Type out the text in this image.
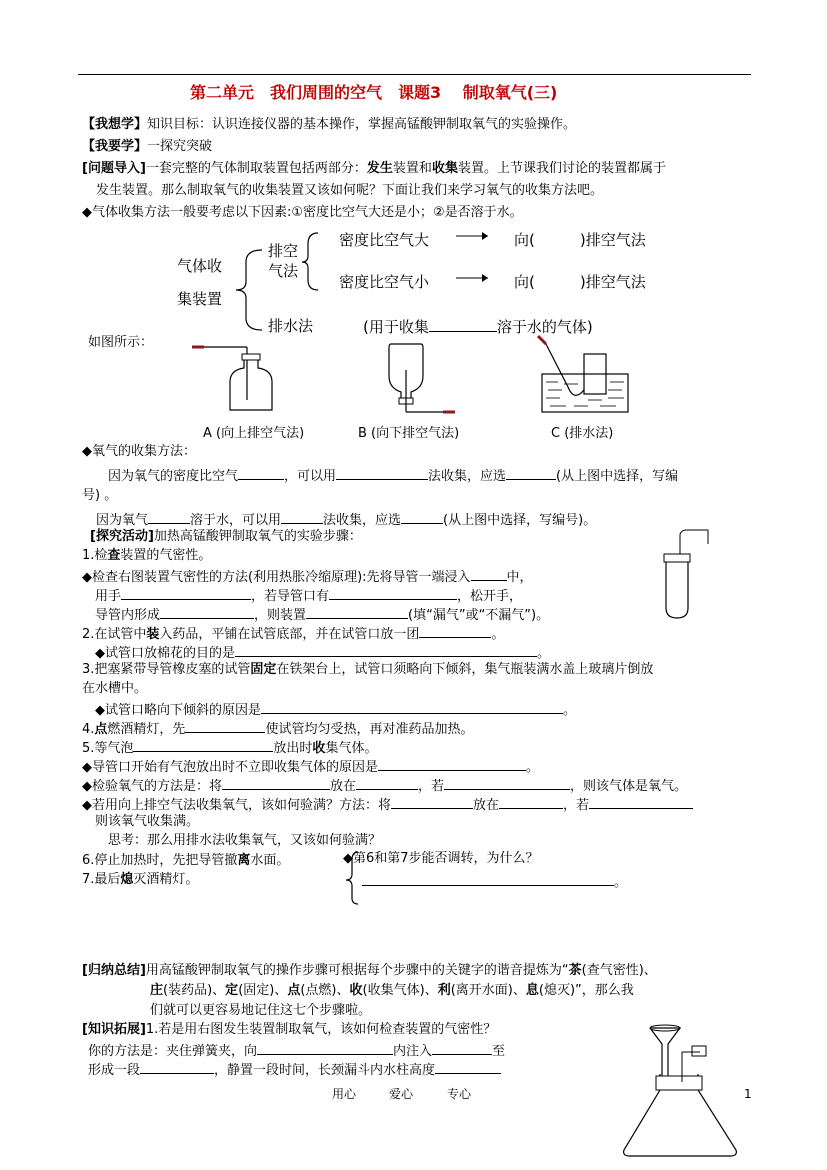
第二单元　我们周围的空气　课题3　 制取氧气(三)
【我想学】知识目标：认识连接仪器的基本操作，掌握高锰酸钾制取氧气的实验操作。
【我要学】一探究突破
[问题导入]一套完整的气体制取装置包括两部分：发生装置和收集装置。上节课我们讨论的装置都属于
发生装置。那么制取氧气的收集装置又该如何呢？下面让我们来学习氧气的收集方法吧。
◆气体收集方法一般要考虑以下因素:①密度比空气大还是小；②是否溶于水。
气体收
集装置
排空
气法
密度比空气大
密度比空气小
向(　　　)排空气法
向(　　　)排空气法
排水法	(用于收集	溶于水的气体)
如图所示：
A (向上排空气法)	B (向下排空气法)	C (排水法)
◆氧气的收集方法：
因为氧气的密度比空气	，可以用	法收集，应选	(从上图中选择，写编
号) 。
因为氧气	溶于水，可以用	法收集，应选	(从上图中选择，写编号)。
[探究活动]加热高锰酸钾制取氧气的实验步骤：
1.检查装置的气密性。
◆检查右图装置气密性的方法(利用热胀冷缩原理):先将导管一端浸入	中，
用手	，若导管口有	，松开手，
导管内形成	，则装置	(填“漏气”或“不漏气”)。
2.在试管中装入药品，平铺在试管底部，并在试管口放一团	。
◆试管口放棉花的目的是	。
3.把塞紧带导管橡皮塞的试管固定在铁架台上，试管口须略向下倾斜，集气瓶装满水盖上玻璃片倒放
在水槽中。
◆试管口略向下倾斜的原因是	。
4.点燃酒精灯，先	使试管均匀受热，再对准药品加热。
5.等气泡	放出时收集气体。
◆导管口开始有气泡放出时不立即收集气体的原因是	。
◆检验氧气的方法是：将	放在	，若	，则该气体是氧气。
◆若用向上排空气法收集氧气，该如何验满？方法：将	放在	，若
则该氧气收集满。
思考：那么用排水法收集氧气，又该如何验满？
6.停止加热时，先把导管撤离水面。
7.最后熄灭酒精灯。
◆第6和第7步能否调转，为什么？
。
[归纳总结]用高锰酸钾制取氧气的操作步骤可根据每个步骤中的关键字的谐音提炼为“茶(查气密性)、
庄(装药品)、定(固定)、点(点燃)、收(收集气体)、利(离开水面)、息(熄灭)”，那么我
们就可以更容易地记住这七个步骤啦。
[知识拓展]1.若是用右图发生装置制取氧气，该如何检查装置的气密性？
你的方法是：夹住弹簧夹，向	内注入	至
形成一段	，静置一段时间，长颈漏斗内水柱高度
用心	爱心	专心	1
